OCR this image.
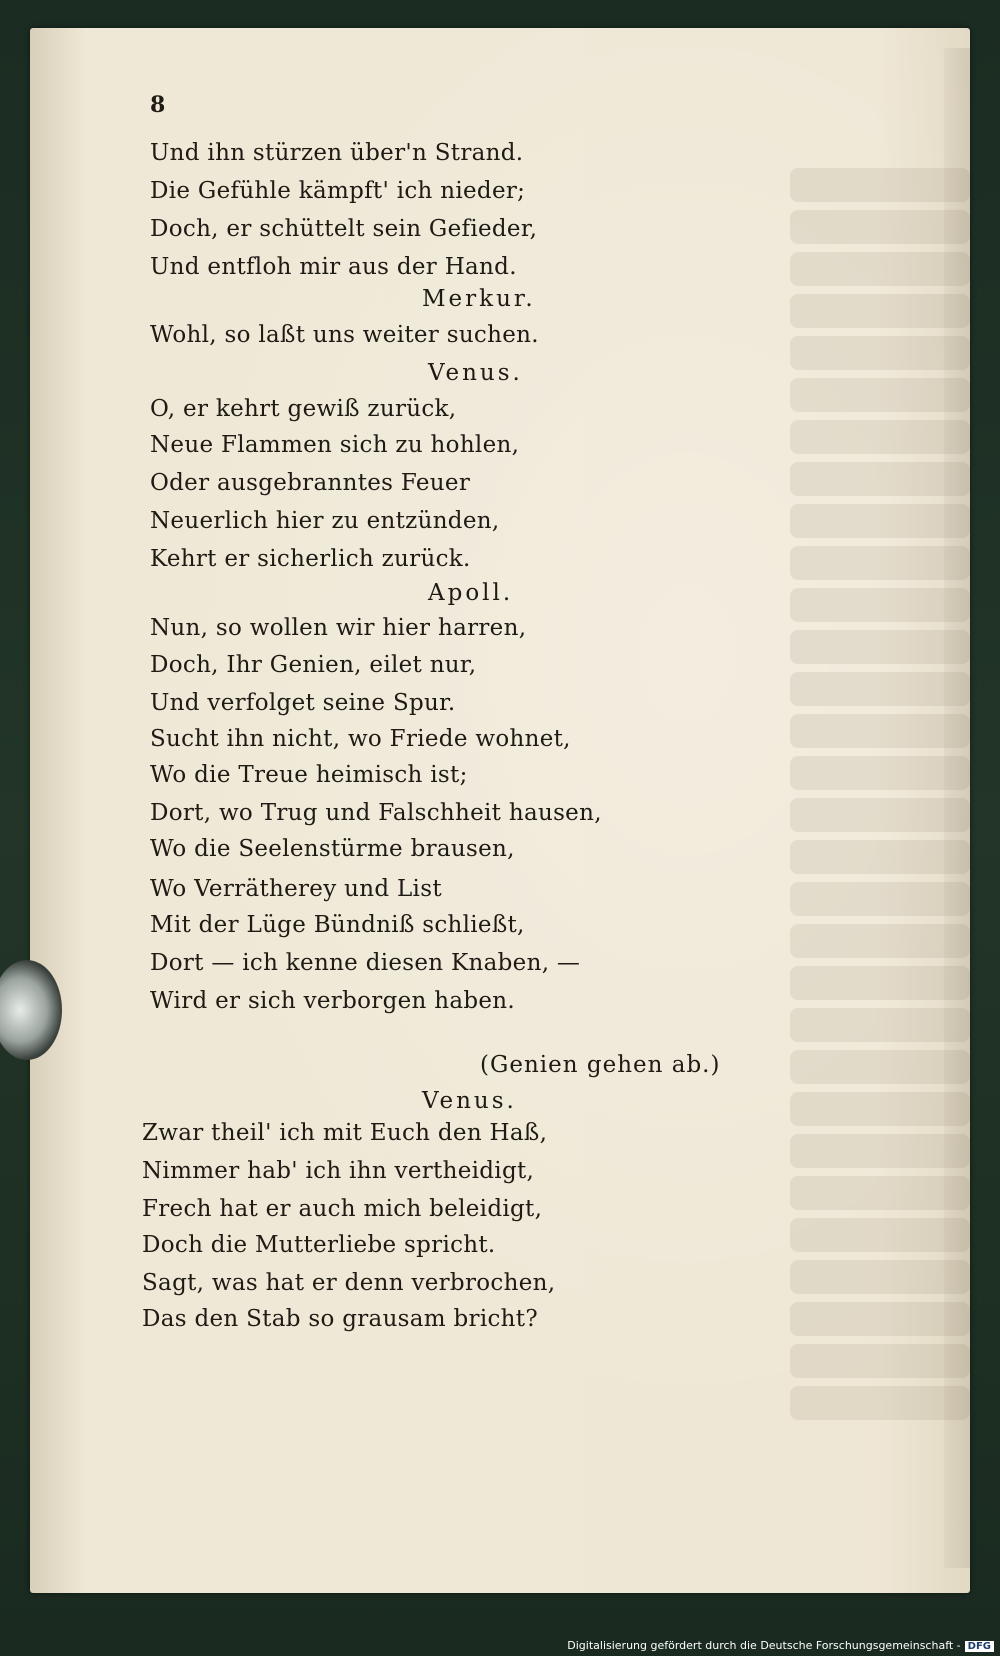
8
Und ihn stürzen über'n Strand.
Die Gefühle kämpft' ich nieder;
Doch, er schüttelt sein Gefieder,
Und entfloh mir aus der Hand.
Merkur.
Wohl, so laßt uns weiter suchen.
Venus.
O, er kehrt gewiß zurück,
Neue Flammen sich zu hohlen,
Oder ausgebranntes Feuer
Neuerlich hier zu entzünden,
Kehrt er sicherlich zurück.
Apoll.
Nun, so wollen wir hier harren,
Doch, Ihr Genien, eilet nur,
Und verfolget seine Spur.
Sucht ihn nicht, wo Friede wohnet,
Wo die Treue heimisch ist;
Dort, wo Trug und Falschheit hausen,
Wo die Seelenstürme brausen,
Wo Verrätherey und List
Mit der Lüge Bündniß schließt,
Dort — ich kenne diesen Knaben, —
Wird er sich verborgen haben.
(Genien gehen ab.)
Venus.
Zwar theil' ich mit Euch den Haß,
Nimmer hab' ich ihn vertheidigt,
Frech hat er auch mich beleidigt,
Doch die Mutterliebe spricht.
Sagt, was hat er denn verbrochen,
Das den Stab so grausam bricht?
Digitalisierung gefördert durch die Deutsche Forschungsgemeinschaft - DFG
